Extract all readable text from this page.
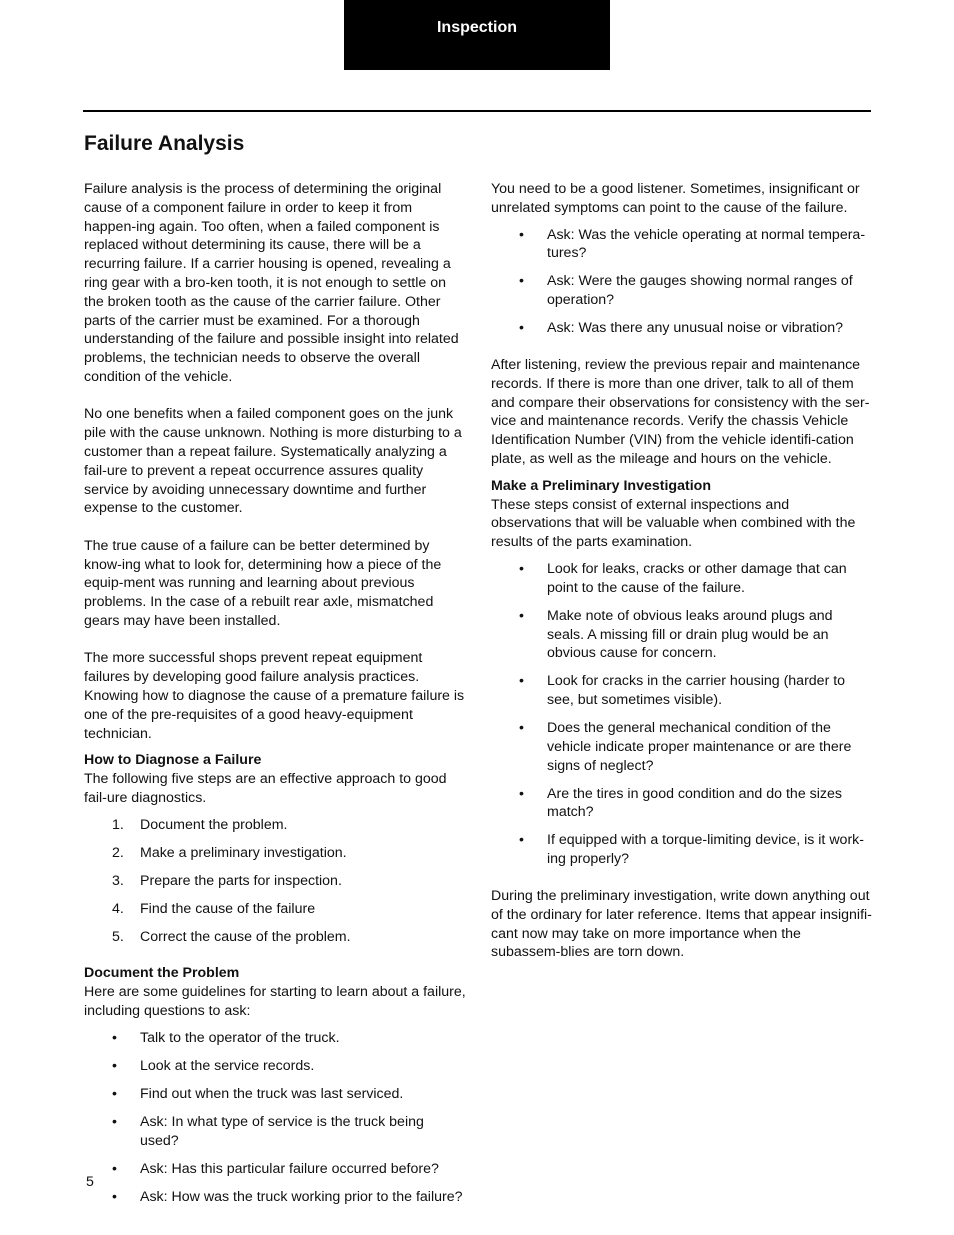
Inspection
Failure Analysis

Failure analysis is the process of determining the original cause of a component failure in order to keep it from happen-ing again. Too often, when a failed component is replaced without determining its cause, there will be a recurring failure. If a carrier housing is opened, revealing a ring gear with a bro-ken tooth, it is not enough to settle on the broken tooth as the cause of the carrier failure. Other parts of the carrier must be examined. For a thorough understanding of the failure and possible insight into related problems, the technician needs to observe the overall condition of the vehicle.

No one benefits when a failed component goes on the junk pile with the cause unknown. Nothing is more disturbing to a customer than a repeat failure. Systematically analyzing a fail-ure to prevent a repeat occurrence assures quality service by avoiding unnecessary downtime and further expense to the customer.

The true cause of a failure can be better determined by know-ing what to look for, determining how a piece of the equip-ment was running and learning about previous problems. In the case of a rebuilt rear axle, mismatched gears may have been installed.

The more successful shops prevent repeat equipment failures by developing good failure analysis practices. Knowing how to diagnose the cause of a premature failure is one of the pre-requisites of a good heavy-equipment technician.

How to Diagnose a Failure

The following five steps are an effective approach to good fail-ure diagnostics.

1. Document the problem.
2. Make a preliminary investigation.
3. Prepare the parts for inspection.
4. Find the cause of the failure
5. Correct the cause of the problem.
Document the Problem

Here are some guidelines for starting to learn about a failure, including questions to ask:

• Talk to the operator of the truck.
• Look at the service records.
• Find out when the truck was last serviced.
• Ask: In what type of service is the truck being used?
• Ask: Has this particular failure occurred before?
• Ask: How was the truck working prior to the failure?

You need to be a good listener. Sometimes, insignificant or unrelated symptoms can point to the cause of the failure.

• Ask: Was the vehicle operating at normal tempera-tures?
• Ask: Were the gauges showing normal ranges of operation?
• Ask: Was there any unusual noise or vibration?

After listening, review the previous repair and maintenance records. If there is more than one driver, talk to all of them and compare their observations for consistency with the ser-vice and maintenance records. Verify the chassis Vehicle Identification Number (VIN) from the vehicle identifi-cation plate, as well as the mileage and hours on the vehicle.

Make a Preliminary Investigation

These steps consist of external inspections and observations that will be valuable when combined with the results of the parts examination.

• Look for leaks, cracks or other damage that can point to the cause of the failure.
• Make note of obvious leaks around plugs and seals. A missing fill or drain plug would be an obvious cause for concern.
• Look for cracks in the carrier housing (harder to see, but sometimes visible).
• Does the general mechanical condition of the vehicle indicate proper maintenance or are there signs of neglect?
• Are the tires in good condition and do the sizes match?
• If equipped with a torque-limiting device, is it work-ing properly?

During the preliminary investigation, write down anything out of the ordinary for later reference. Items that appear insignifi-cant now may take on more importance when the subassem-blies are torn down.

5
